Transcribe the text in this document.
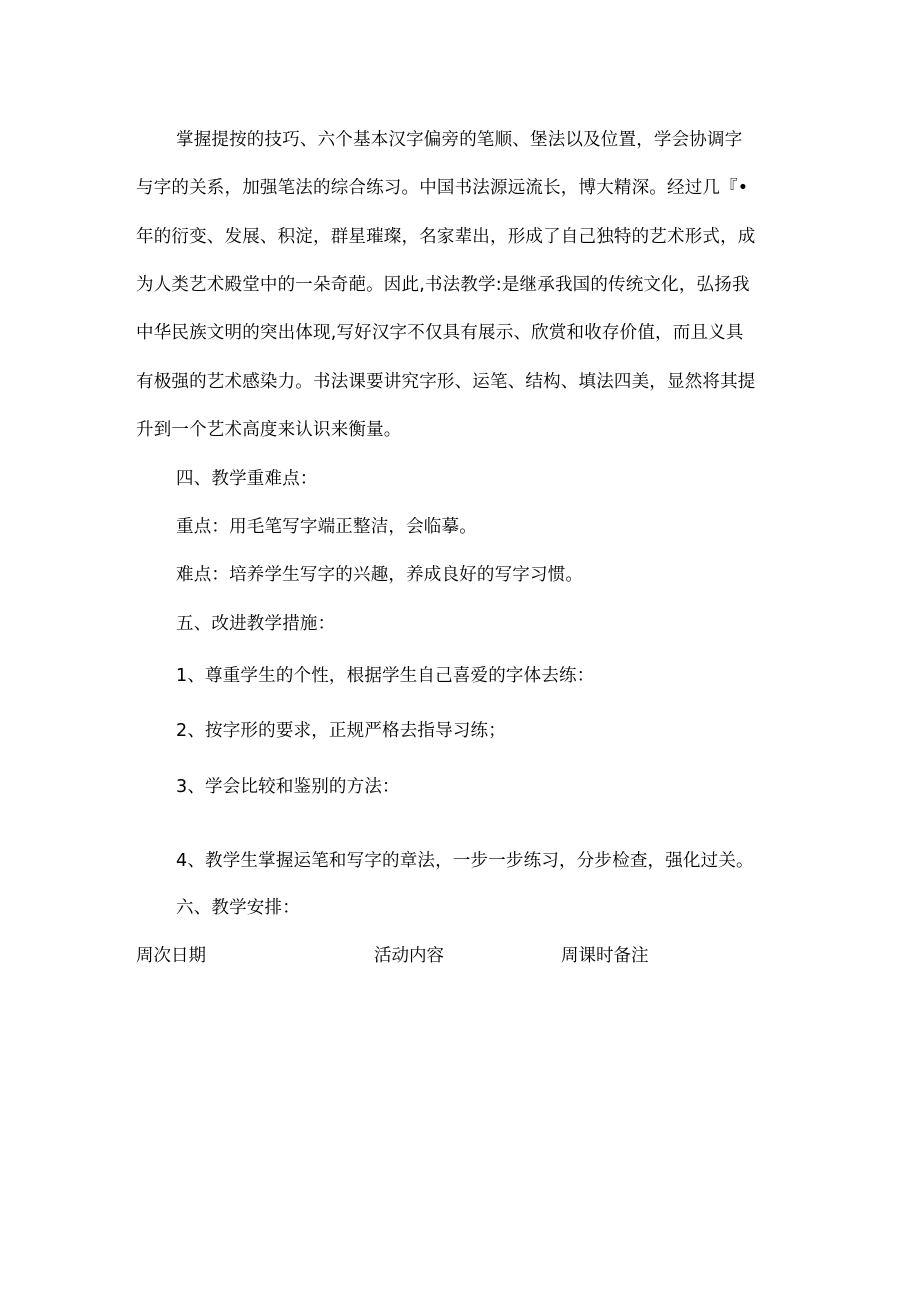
掌握提按的技巧、六个基本汉字偏旁的笔顺、堡法以及位置，学会协调字
与字的关系，加强笔法的综合练习。中国书法源远流长，博大精深。经过几『•
年的衍变、发展、积淀，群星璀璨，名家辈出，形成了自己独特的艺术形式，成
为人类艺术殿堂中的一朵奇葩。因此,书法教学:是继承我国的传统文化，弘扬我
中华民族文明的突出体现,写好汉字不仅具有展示、欣赏和收存价值，而且义具
有极强的艺术感染力。书法课要讲究字形、运笔、结构、填法四美，显然将其提
升到一个艺术高度来认识来衡量。
四、教学重难点：
重点：用毛笔写字端正整洁，会临摹。
难点：培养学生写字的兴趣，养成良好的写字习惯。
五、改进教学措施：
1、尊重学生的个性，根据学生自己喜爱的字体去练：
2、按字形的要求，正规严格去指导习练；
3、学会比较和鉴别的方法：
4、教学生掌握运笔和写字的章法，一步一步练习，分步检查，强化过关。
六、教学安排：
周次日期	活动内容	周课时备注
